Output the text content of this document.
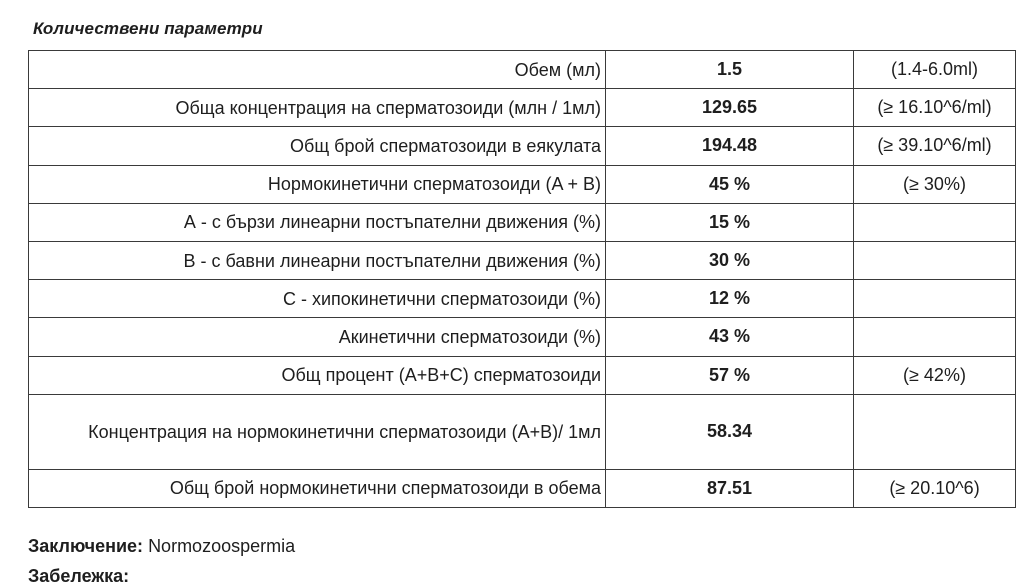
Количествени параметри
Обем (мл)	1.5	(1.4-6.0ml)
Обща концентрация на сперматозоиди (млн / 1мл)	129.65	(≥ 16.10^6/ml)
Общ брой сперматозоиди в еякулата	194.48	(≥ 39.10^6/ml)
Нормокинетични сперматозоиди (A + B)	45 %	(≥ 30%)
А - с бързи линеарни постъпателни движения (%)	15 %	
B - с бавни линеарни постъпателни движения (%)	30 %	
C - хипокинетични сперматозоиди (%)	12 %	
Акинетични сперматозоиди (%)	43 %	
Общ процент (A+B+C) сперматозоиди	57 %	(≥ 42%)
Концентрация на нормокинетични сперматозоиди (A+B)/ 1мл	58.34	
Общ брой нормокинетични сперматозоиди в обема	87.51	(≥ 20.10^6)
Заключение: Normozoospermia
Забележка:
